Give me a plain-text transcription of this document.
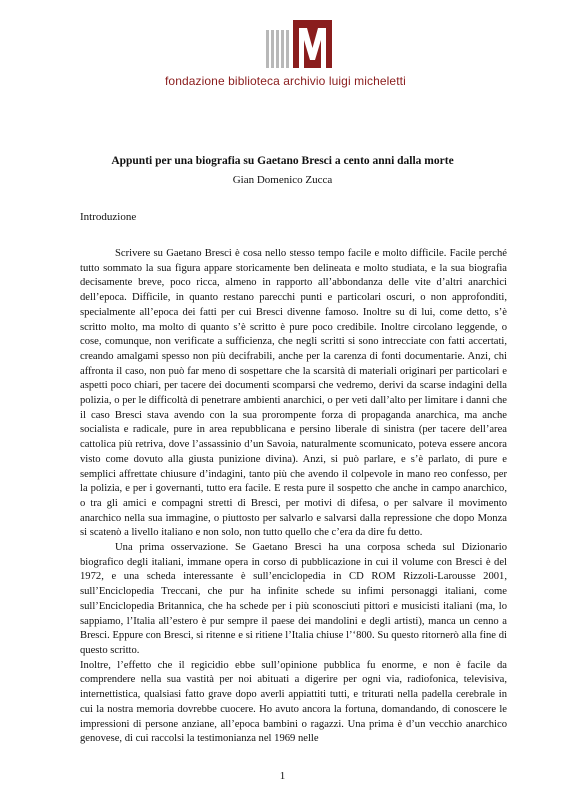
fondazione biblioteca archivio luigi micheletti
Appunti per una biografia su Gaetano Bresci a cento anni dalla morte
Gian Domenico Zucca
Introduzione

Scrivere su Gaetano Bresci è cosa nello stesso tempo facile e molto difficile. Facile perché tutto sommato la sua figura appare storicamente ben delineata e molto studiata, e la sua biografia decisamente breve, poco ricca, almeno in rapporto all’abbondanza delle vite d’altri anarchici dell’epoca. Difficile, in quanto restano parecchi punti e particolari oscuri, o non approfonditi, specialmente all’epoca dei fatti per cui Bresci divenne famoso. Inoltre su di lui, come detto, s’è scritto molto, ma molto di quanto s’è scritto è pure poco credibile. Inoltre circolano leggende, o cose, comunque, non verificate a sufficienza, che negli scritti si sono intrecciate con fatti accertati, creando amalgami spesso non più decifrabili, anche per la carenza di fonti documentarie. Anzi, chi affronta il caso, non può far meno di sospettare che la scarsità di materiali originari per particolari e aspetti poco chiari, per tacere dei documenti scomparsi che vedremo, derivi da scarse indagini della polizia, o per le difficoltà di penetrare ambienti anarchici, o per veti dall’alto per limitare i danni che il caso Bresci stava avendo con la sua prorompente forza di propaganda anarchica, ma anche socialista e radicale, pure in area repubblicana e persino liberale di sinistra (per tacere dell’area cattolica più retriva, dove l’assassinio d’un Savoia, naturalmente scomunicato, poteva essere ancora visto come dovuto alla giusta punizione divina). Anzi, si può parlare, e s’è parlato, di pure e semplici affrettate chiusure d’indagini, tanto più che avendo il colpevole in mano reo confesso, per la polizia, e per i governanti, tutto era facile. E resta pure il sospetto che anche in campo anarchico, o tra gli amici e compagni stretti di Bresci, per motivi di difesa, o per salvare il movimento anarchico nella sua immagine, o piuttosto per salvarlo e salvarsi dalla repressione che dopo Monza si scatenò a livello italiano e non solo, non tutto quello che c’era da dire fu detto.

Una prima osservazione. Se Gaetano Bresci ha una corposa scheda sul Dizionario biografico degli italiani, immane opera in corso di pubblicazione in cui il volume con Bresci è del 1972, e una scheda interessante è sull’enciclopedia in CD ROM Rizzoli-Larousse 2001, sull’Enciclopedia Treccani, che pur ha infinite schede su infimi personaggi italiani, come sull’Enciclopedia Britannica, che ha schede per i più sconosciuti pittori e musicisti italiani (ma, lo sappiamo, l’Italia all’estero è pur sempre il paese dei mandolini e degli artisti), manca un cenno a Bresci. Eppure con Bresci, si ritenne e si ritiene l’Italia chiuse l’‘800. Su questo ritornerò alla fine di questo scritto.

Inoltre, l’effetto che il regicidio ebbe sull’opinione pubblica fu enorme, e non è facile da comprendere nella sua vastità per noi abituati a digerire per ogni via, radiofonica, televisiva, internettistica, qualsiasi fatto grave dopo averli appiattiti tutti, e triturati nella padella cerebrale in cui la nostra memoria dovrebbe cuocere. Ho avuto ancora la fortuna, domandando, di conoscere le impressioni di persone anziane, all’epoca bambini o ragazzi. Una prima è d’un vecchio anarchico genovese, di cui raccolsi la testimonianza nel 1969 nelle

1
